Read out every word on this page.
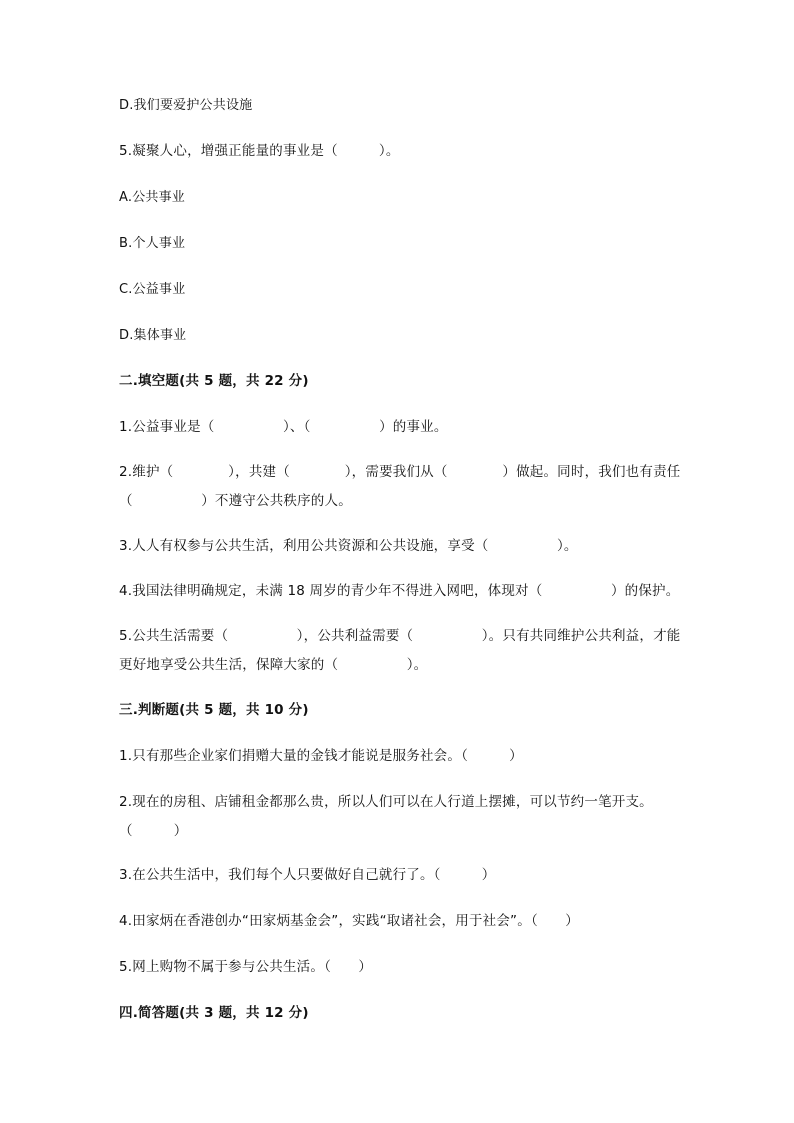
D.我们要爱护公共设施
5.凝聚人心，增强正能量的事业是（　　　）。
A.公共事业
B.个人事业
C.公益事业
D.集体事业
二.填空题(共 5 题，共 22 分)
1.公益事业是（　　　　　）、（　　　　　）的事业。
2.维护（　　　　），共建（　　　　），需要我们从（　　　　）做起。同时，我们也有责任（　　　　　）不遵守公共秩序的人。
3.人人有权参与公共生活，利用公共资源和公共设施，享受（　　　　　）。
4.我国法律明确规定，未满 18 周岁的青少年不得进入网吧，体现对（　　　　　）的保护。
5.公共生活需要（　　　　　），公共利益需要（　　　　　）。只有共同维护公共利益，才能更好地享受公共生活，保障大家的（　　　　　）。
三.判断题(共 5 题，共 10 分)
1.只有那些企业家们捐赠大量的金钱才能说是服务社会。（　　　）
2.现在的房租、店铺租金都那么贵，所以人们可以在人行道上摆摊，可以节约一笔开支。（　　　）
3.在公共生活中，我们每个人只要做好自己就行了。（　　　）
4.田家炳在香港创办“田家炳基金会”，实践“取诸社会，用于社会”。（　　）
5.网上购物不属于参与公共生活。（　　）
四.简答题(共 3 题，共 12 分)
